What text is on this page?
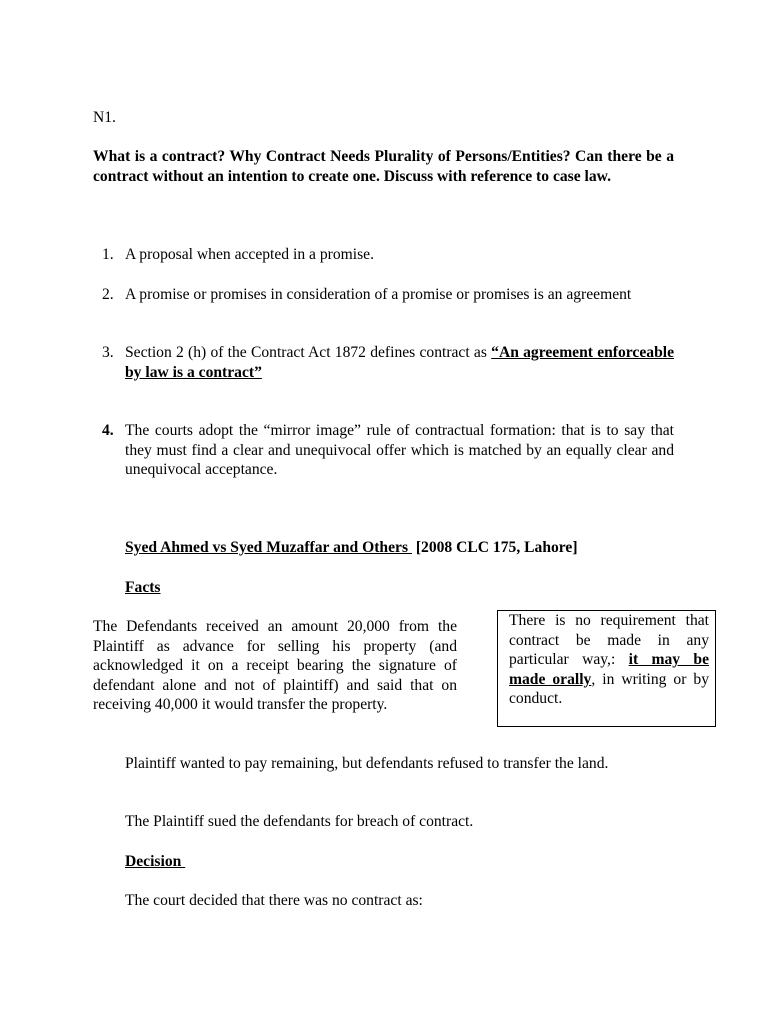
N1.
What is a contract? Why Contract Needs Plurality of Persons/Entities? Can there be a contract without an intention to create one. Discuss with reference to case law.
1. A proposal when accepted in a promise.
2. A promise or promises in consideration of a promise or promises is an agreement
3. Section 2 (h) of the Contract Act 1872 defines contract as “An agreement enforceable by law is a contract”
4. The courts adopt the “mirror image” rule of contractual formation: that is to say that they must find a clear and unequivocal offer which is matched by an equally clear and unequivocal acceptance.
Syed Ahmed vs Syed Muzaffar and Others  [2008 CLC 175, Lahore]
Facts
The Defendants received an amount 20,000 from the Plaintiff as advance for selling his property (and acknowledged it on a receipt bearing the signature of defendant alone and not of plaintiff) and said that on receiving 40,000 it would transfer the property.
There is no requirement that contract be made in any particular way,: it may be made orally, in writing or by conduct.
Plaintiff wanted to pay remaining, but defendants refused to transfer the land.
The Plaintiff sued the defendants for breach of contract.
Decision
The court decided that there was no contract as:
